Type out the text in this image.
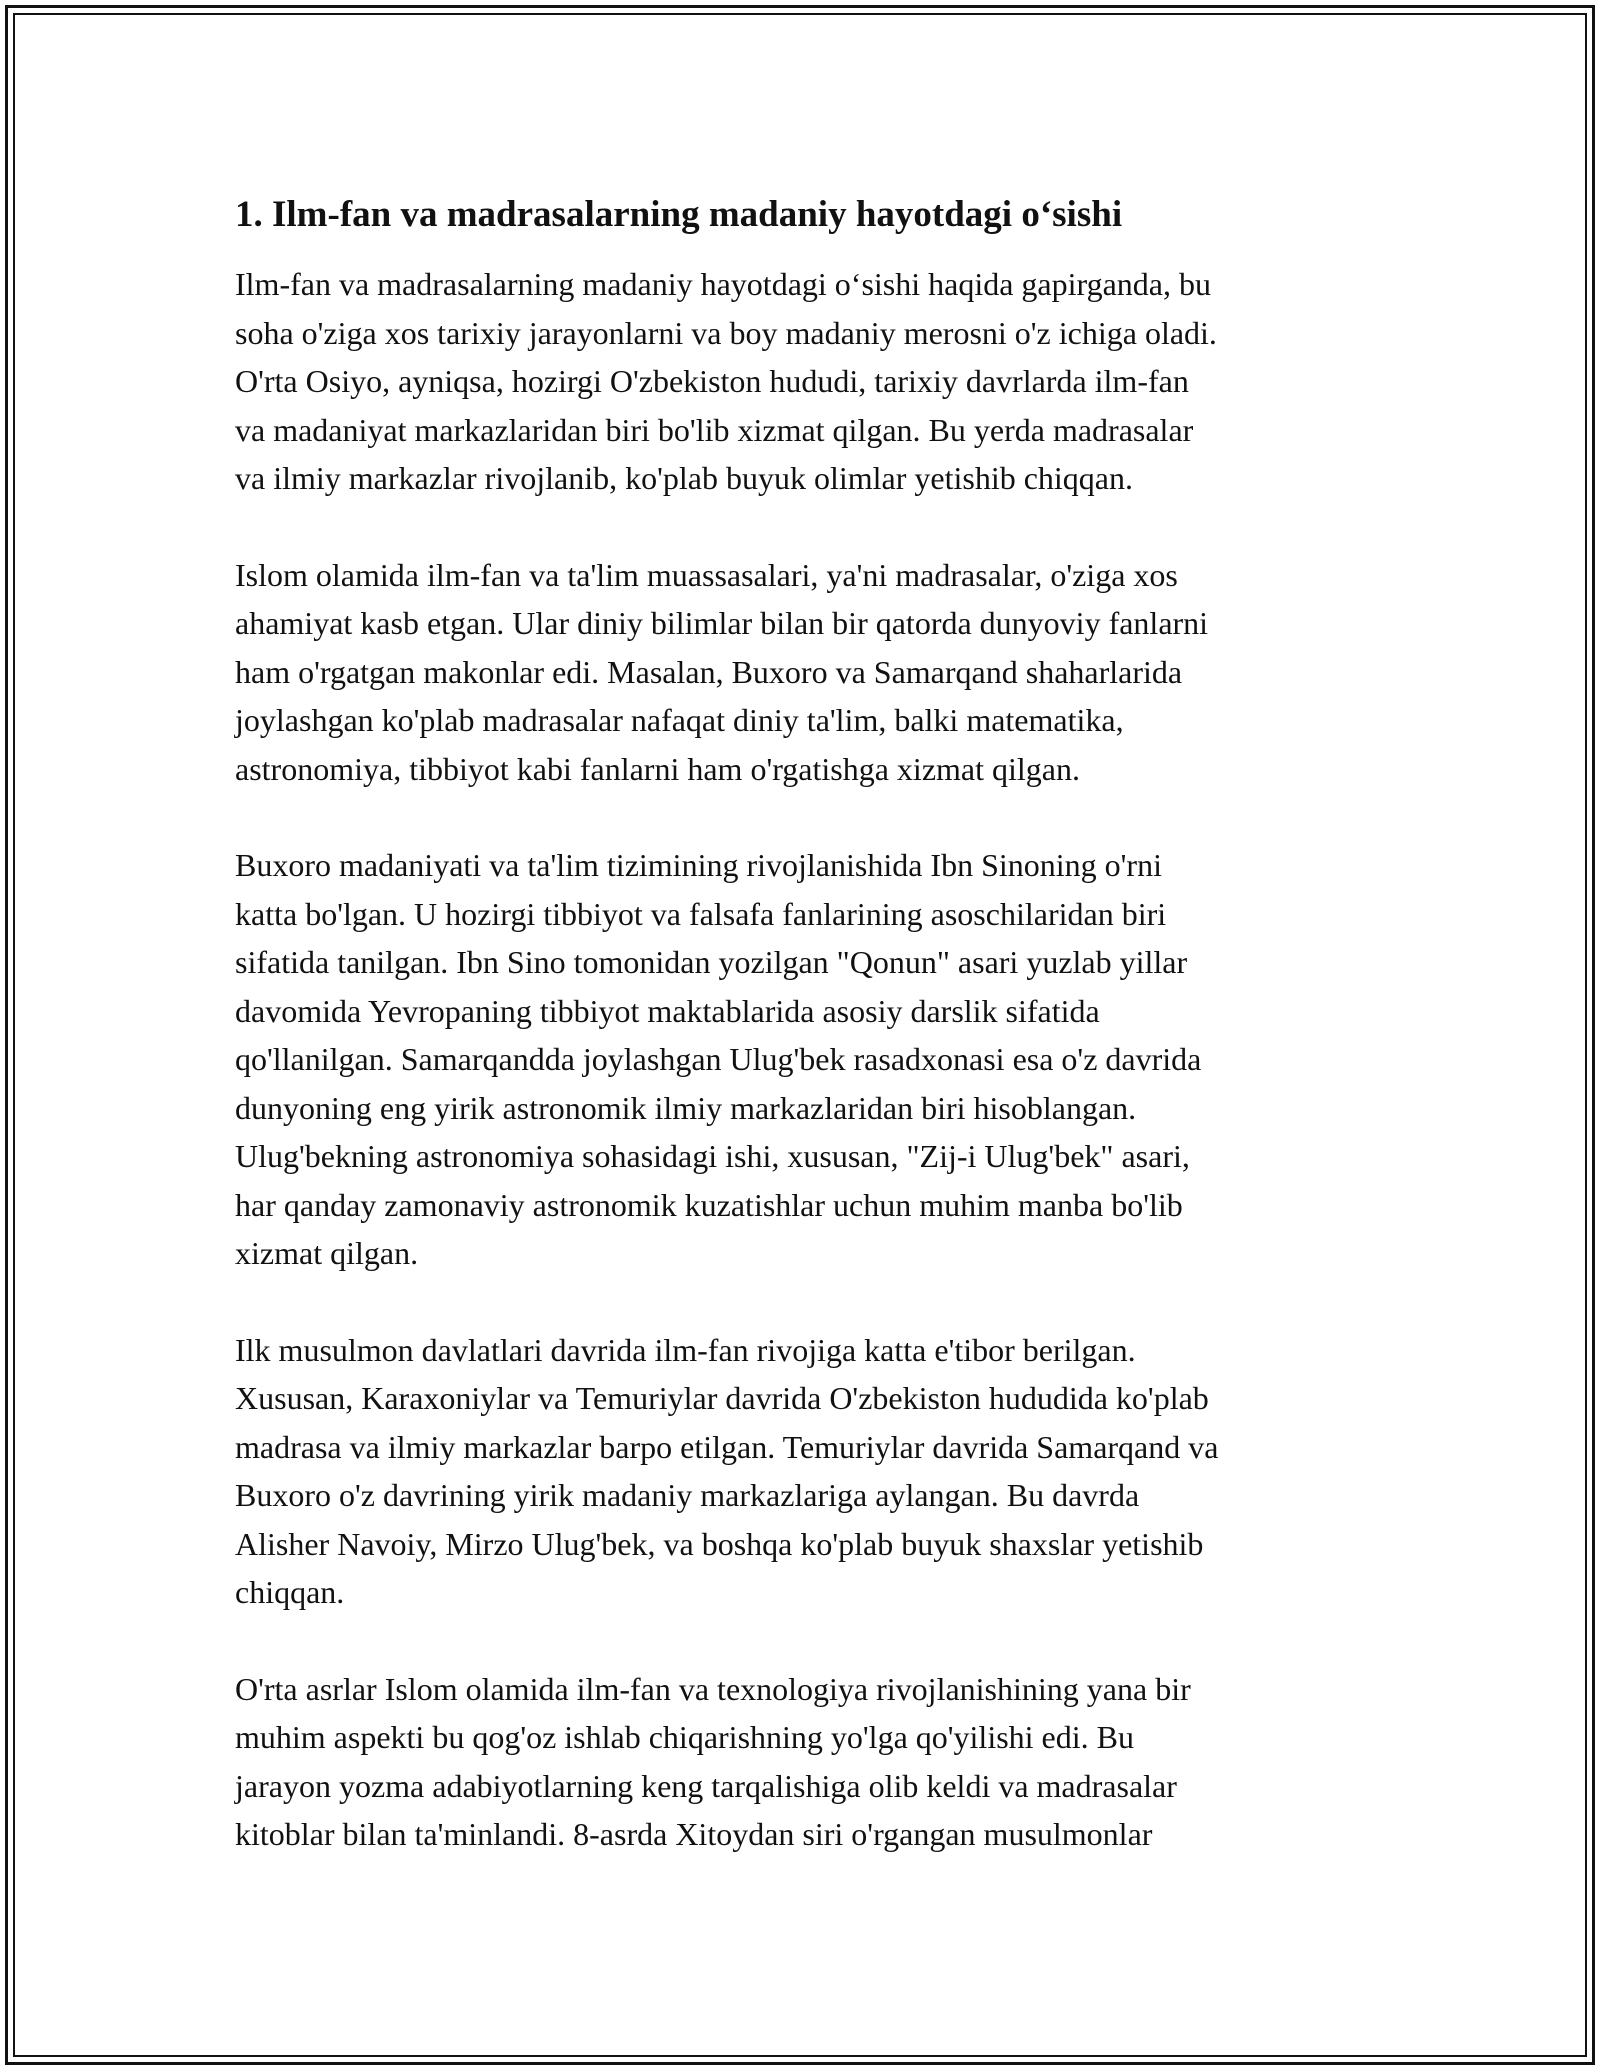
1. Ilm-fan va madrasalarning madaniy hayotdagi o‘sishi

Ilm-fan va madrasalarning madaniy hayotdagi o‘sishi haqida gapirganda, bu
soha o'ziga xos tarixiy jarayonlarni va boy madaniy merosni o'z ichiga oladi.
O'rta Osiyo, ayniqsa, hozirgi O'zbekiston hududi, tarixiy davrlarda ilm-fan
va madaniyat markazlaridan biri bo'lib xizmat qilgan. Bu yerda madrasalar
va ilmiy markazlar rivojlanib, ko'plab buyuk olimlar yetishib chiqqan.

Islom olamida ilm-fan va ta'lim muassasalari, ya'ni madrasalar, o'ziga xos
ahamiyat kasb etgan. Ular diniy bilimlar bilan bir qatorda dunyoviy fanlarni
ham o'rgatgan makonlar edi. Masalan, Buxoro va Samarqand shaharlarida
joylashgan ko'plab madrasalar nafaqat diniy ta'lim, balki matematika,
astronomiya, tibbiyot kabi fanlarni ham o'rgatishga xizmat qilgan.

Buxoro madaniyati va ta'lim tizimining rivojlanishida Ibn Sinoning o'rni
katta bo'lgan. U hozirgi tibbiyot va falsafa fanlarining asoschilaridan biri
sifatida tanilgan. Ibn Sino tomonidan yozilgan "Qonun" asari yuzlab yillar
davomida Yevropaning tibbiyot maktablarida asosiy darslik sifatida
qo'llanilgan. Samarqandda joylashgan Ulug'bek rasadxonasi esa o'z davrida
dunyoning eng yirik astronomik ilmiy markazlaridan biri hisoblangan.
Ulug'bekning astronomiya sohasidagi ishi, xususan, "Zij-i Ulug'bek" asari,
har qanday zamonaviy astronomik kuzatishlar uchun muhim manba bo'lib
xizmat qilgan.

Ilk musulmon davlatlari davrida ilm-fan rivojiga katta e'tibor berilgan.
Xususan, Karaxoniylar va Temuriylar davrida O'zbekiston hududida ko'plab
madrasa va ilmiy markazlar barpo etilgan. Temuriylar davrida Samarqand va
Buxoro o'z davrining yirik madaniy markazlariga aylangan. Bu davrda
Alisher Navoiy, Mirzo Ulug'bek, va boshqa ko'plab buyuk shaxslar yetishib
chiqqan.

O'rta asrlar Islom olamida ilm-fan va texnologiya rivojlanishining yana bir
muhim aspekti bu qog'oz ishlab chiqarishning yo'lga qo'yilishi edi. Bu
jarayon yozma adabiyotlarning keng tarqalishiga olib keldi va madrasalar
kitoblar bilan ta'minlandi. 8-asrda Xitoydan siri o'rgangan musulmonlar
